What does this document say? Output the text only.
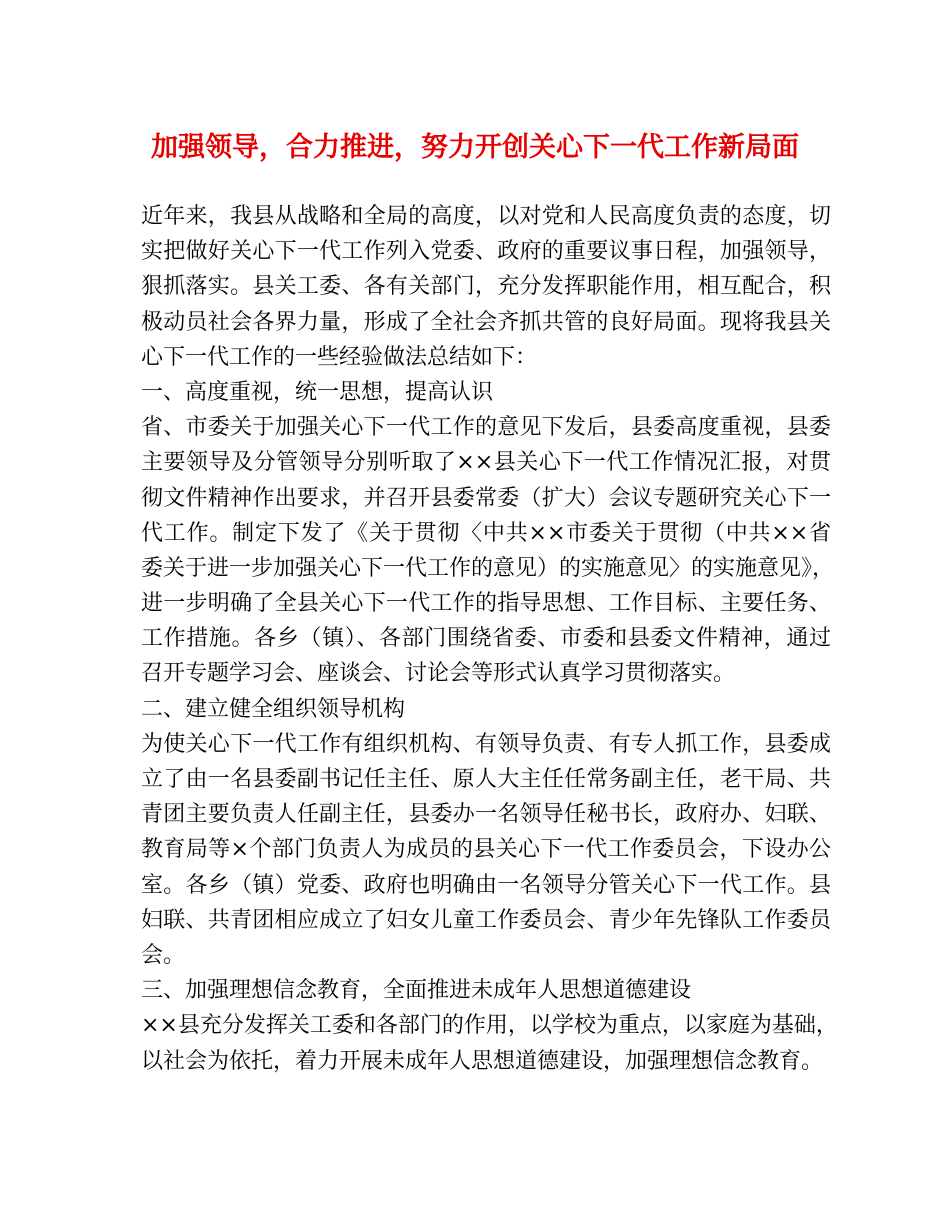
加强领导，合力推进，努力开创关心下一代工作新局面
近年来，我县从战略和全局的高度，以对党和人民高度负责的态度，切
实把做好关心下一代工作列入党委、政府的重要议事日程，加强领导，
狠抓落实。县关工委、各有关部门，充分发挥职能作用，相互配合，积
极动员社会各界力量，形成了全社会齐抓共管的良好局面。现将我县关
心下一代工作的一些经验做法总结如下：
一、高度重视，统一思想，提高认识
省、市委关于加强关心下一代工作的意见下发后，县委高度重视，县委
主要领导及分管领导分别听取了××县关心下一代工作情况汇报，对贯
彻文件精神作出要求，并召开县委常委（扩大）会议专题研究关心下一
代工作。制定下发了《关于贯彻〈中共××市委关于贯彻（中共××省
委关于进一步加强关心下一代工作的意见）的实施意见〉的实施意见》，
进一步明确了全县关心下一代工作的指导思想、工作目标、主要任务、
工作措施。各乡（镇）、各部门围绕省委、市委和县委文件精神，通过
召开专题学习会、座谈会、讨论会等形式认真学习贯彻落实。
二、建立健全组织领导机构
为使关心下一代工作有组织机构、有领导负责、有专人抓工作，县委成
立了由一名县委副书记任主任、原人大主任任常务副主任，老干局、共
青团主要负责人任副主任，县委办一名领导任秘书长，政府办、妇联、
教育局等×个部门负责人为成员的县关心下一代工作委员会，下设办公
室。各乡（镇）党委、政府也明确由一名领导分管关心下一代工作。县
妇联、共青团相应成立了妇女儿童工作委员会、青少年先锋队工作委员
会。
三、加强理想信念教育，全面推进未成年人思想道德建设
××县充分发挥关工委和各部门的作用，以学校为重点，以家庭为基础，
以社会为依托，着力开展未成年人思想道德建设，加强理想信念教育。
